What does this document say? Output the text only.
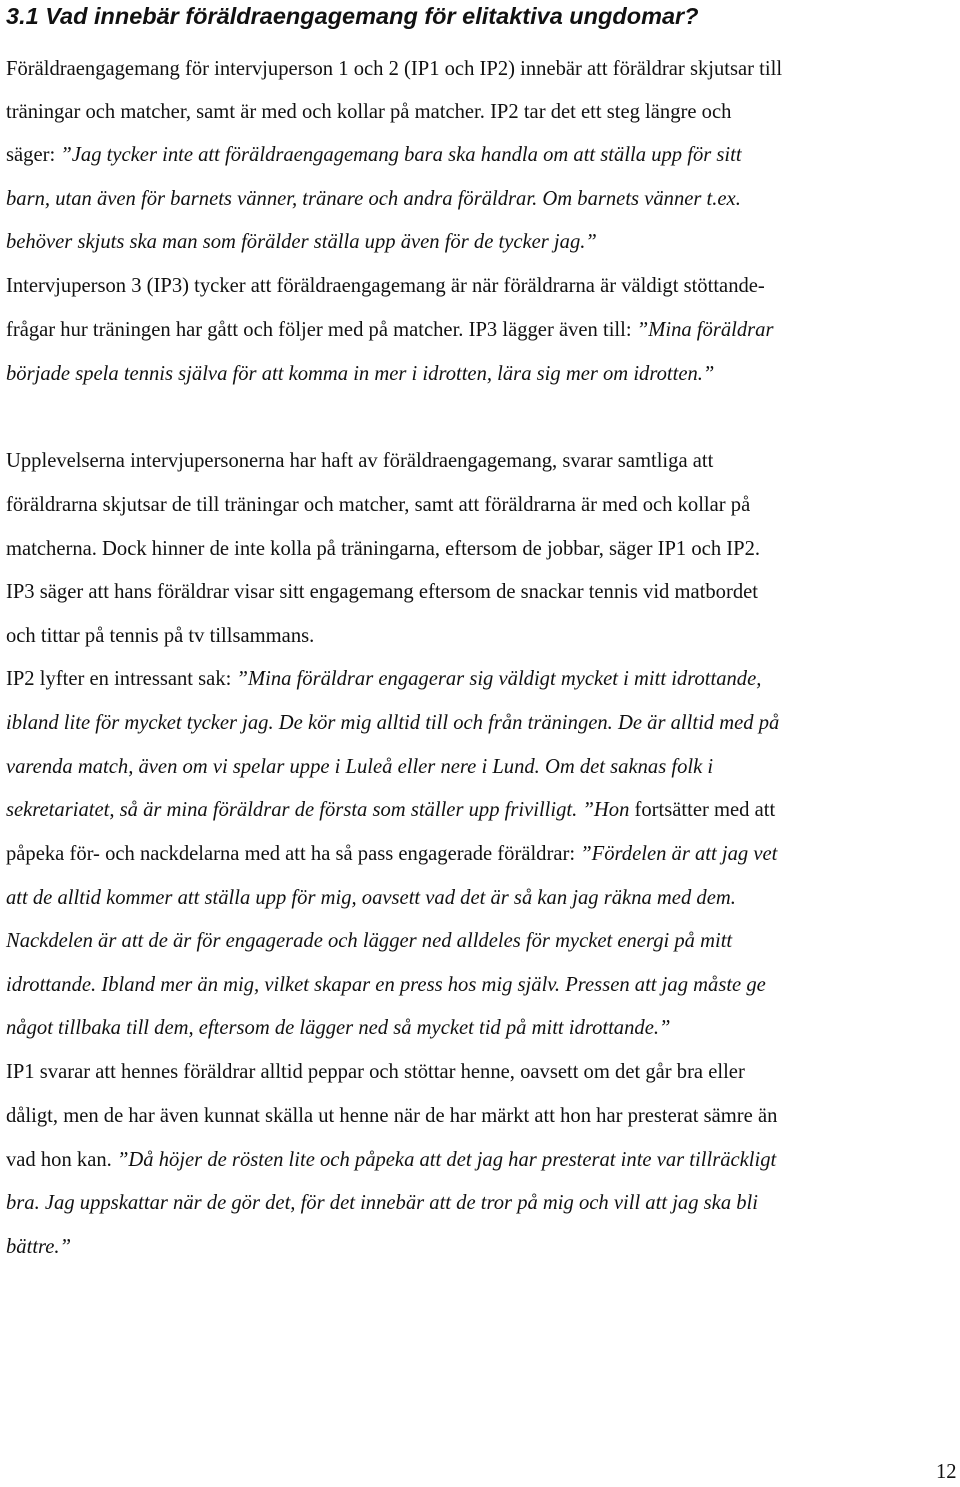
3.1 Vad innebär föräldraengagemang för elitaktiva ungdomar?
Föräldraengagemang för intervjuperson 1 och 2 (IP1 och IP2) innebär att föräldrar skjutsar till
träningar och matcher, samt är med och kollar på matcher. IP2 tar det ett steg längre och
säger: ”Jag tycker inte att föräldraengagemang bara ska handla om att ställa upp för sitt
barn, utan även för barnets vänner, tränare och andra föräldrar. Om barnets vänner t.ex.
behöver skjuts ska man som förälder ställa upp även för de tycker jag.”
Intervjuperson 3 (IP3) tycker att föräldraengagemang är när föräldrarna är väldigt stöttande-
frågar hur träningen har gått och följer med på matcher. IP3 lägger även till: ”Mina föräldrar
började spela tennis själva för att komma in mer i idrotten, lära sig mer om idrotten.”
Upplevelserna intervjupersonerna har haft av föräldraengagemang, svarar samtliga att
föräldrarna skjutsar de till träningar och matcher, samt att föräldrarna är med och kollar på
matcherna. Dock hinner de inte kolla på träningarna, eftersom de jobbar, säger IP1 och IP2.
IP3 säger att hans föräldrar visar sitt engagemang eftersom de snackar tennis vid matbordet
och tittar på tennis på tv tillsammans.
IP2 lyfter en intressant sak: ”Mina föräldrar engagerar sig väldigt mycket i mitt idrottande,
ibland lite för mycket tycker jag. De kör mig alltid till och från träningen. De är alltid med på
varenda match, även om vi spelar uppe i Luleå eller nere i Lund. Om det saknas folk i
sekretariatet, så är mina föräldrar de första som ställer upp frivilligt. ”Hon fortsätter med att
påpeka för- och nackdelarna med att ha så pass engagerade föräldrar: ”Fördelen är att jag vet
att de alltid kommer att ställa upp för mig, oavsett vad det är så kan jag räkna med dem.
Nackdelen är att de är för engagerade och lägger ned alldeles för mycket energi på mitt
idrottande. Ibland mer än mig, vilket skapar en press hos mig själv. Pressen att jag måste ge
något tillbaka till dem, eftersom de lägger ned så mycket tid på mitt idrottande.”
IP1 svarar att hennes föräldrar alltid peppar och stöttar henne, oavsett om det går bra eller
dåligt, men de har även kunnat skälla ut henne när de har märkt att hon har presterat sämre än
vad hon kan. ”Då höjer de rösten lite och påpeka att det jag har presterat inte var tillräckligt
bra. Jag uppskattar när de gör det, för det innebär att de tror på mig och vill att jag ska bli
bättre.”
12
